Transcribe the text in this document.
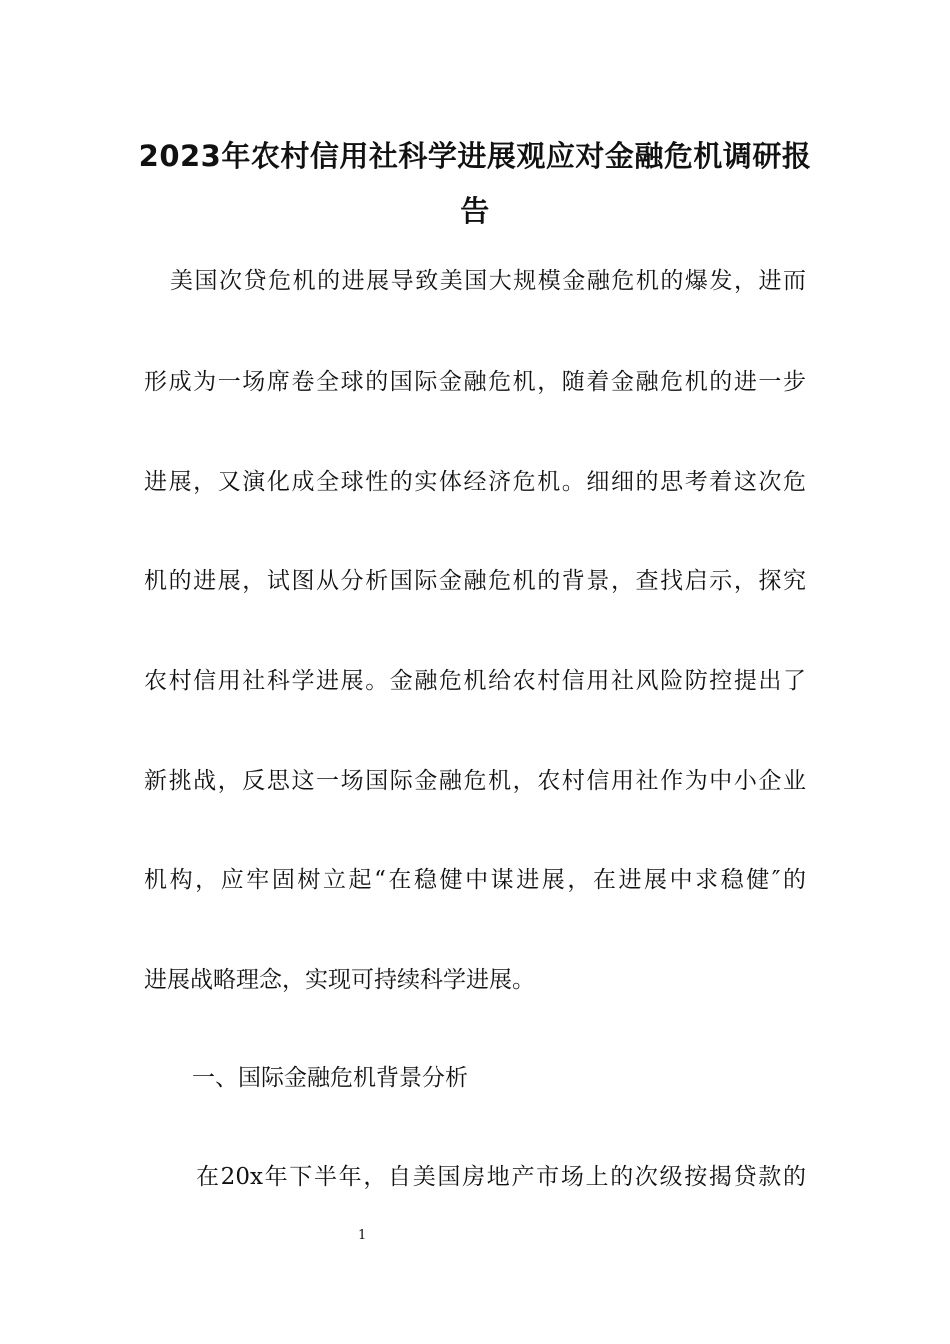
2023年农村信用社科学进展观应对金融危机调研报
告
美国次贷危机的进展导致美国大规模金融危机的爆发，进而
形成为一场席卷全球的国际金融危机，随着金融危机的进一步
进展，又演化成全球性的实体经济危机。细细的思考着这次危
机的进展，试图从分析国际金融危机的背景，查找启示，探究
农村信用社科学进展。金融危机给农村信用社风险防控提出了
新挑战，反思这一场国际金融危机，农村信用社作为中小企业
机构，应牢固树立起“在稳健中谋进展，在进展中求稳健″的
进展战略理念，实现可持续科学进展。
一、国际金融危机背景分析
在20x年下半年，自美国房地产市场上的次级按揭贷款的
1
